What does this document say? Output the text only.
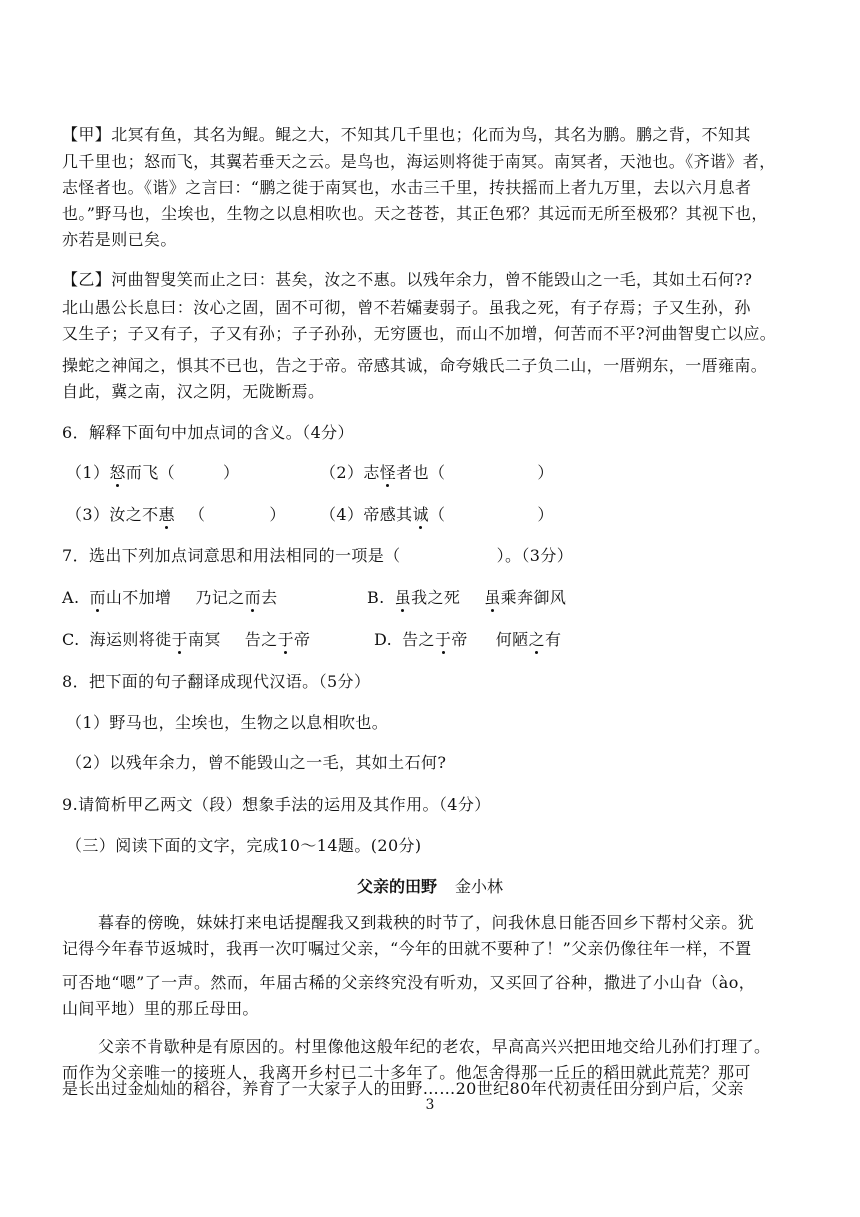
【甲】北冥有鱼，其名为鲲。鲲之大，不知其几千里也；化而为鸟，其名为鹏。鹏之背，不知其
几千里也；怒而飞，其翼若垂天之云。是鸟也，海运则将徙于南冥。南冥者，天池也。《齐谐》者，
志怪者也。《谐》之言曰：“鹏之徙于南冥也，水击三千里，抟扶摇而上者九万里，去以六月息者
也。”野马也，尘埃也，生物之以息相吹也。天之苍苍，其正色邪？其远而无所至极邪？其视下也，
亦若是则已矣。
【乙】河曲智叟笑而止之曰：甚矣，汝之不惠。以残年余力，曾不能毁山之一毛，其如土石何??
北山愚公长息曰：汝心之固，固不可彻，曾不若孀妻弱子。虽我之死，有子存焉；子又生孙，孙
又生子；子又有子，子又有孙；子子孙孙，无穷匮也，而山不加增，何苦而不平?河曲智叟亡以应。
操蛇之神闻之，惧其不已也，告之于帝。帝感其诚，命夸娥氏二子负二山，一厝朔东，一厝雍南。
自此，冀之南，汉之阴，无陇断焉。
6．解释下面句中加点词的含义。（4分）
（1）怒而飞（	）	（2）志怪者也（	）
（3）汝之不惠 （	） （4）帝感其诚（	）
7．选出下列加点词意思和用法相同的一项是（	）。（3分）
A. 而山不加增 乃记之而去	B. 虽我之死 虽乘奔御风
C. 海运则将徙于南冥 告之于帝	D. 告之于帝 何陋之有
8．把下面的句子翻译成现代汉语。（5分）
（1）野马也，尘埃也，生物之以息相吹也。
（2）以残年余力，曾不能毁山之一毛，其如土石何?
9.请简析甲乙两文（段）想象手法的运用及其作用。（4分）
（三）阅读下面的文字，完成10～14题。(20分)
父亲的田野 金小林
暮春的傍晚，妹妹打来电话提醒我又到栽秧的时节了，问我休息日能否回乡下帮村父亲。犹
记得今年春节返城时，我再一次叮嘱过父亲，“今年的田就不要种了！”父亲仍像往年一样，不置
可否地“嗯”了一声。然而，年届古稀的父亲终究没有听劝，又买回了谷种，撒进了小山旮（ào，
山间平地）里的那丘母田。
父亲不肯歇种是有原因的。村里像他这般年纪的老农，早高高兴兴把田地交给儿孙们打理了。
而作为父亲唯一的接班人，我离开乡村已二十多年了。他怎舍得那一丘丘的稻田就此荒芜？那可
3
是长出过金灿灿的稻谷，养育了一大家子人的田野……20世纪80年代初责任田分到户后，父亲
